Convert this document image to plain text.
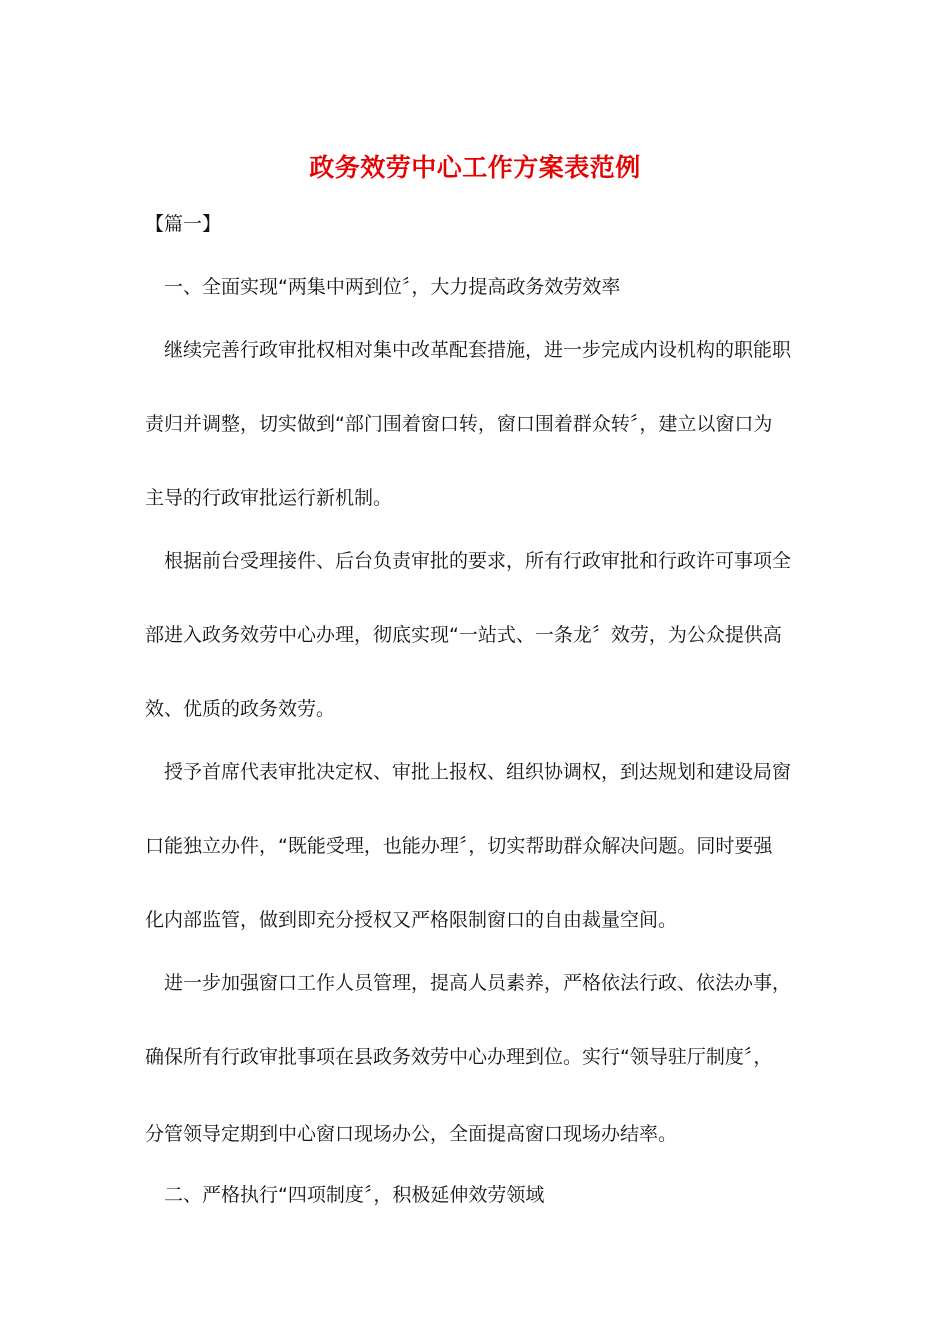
政务效劳中心工作方案表范例
【篇一】
一、全面实现“两集中两到位〞，大力提高政务效劳效率
继续完善行政审批权相对集中改革配套措施，进一步完成内设机构的职能职
责归并调整，切实做到“部门围着窗口转，窗口围着群众转〞，建立以窗口为
主导的行政审批运行新机制。
根据前台受理接件、后台负责审批的要求，所有行政审批和行政许可事项全
部进入政务效劳中心办理，彻底实现“一站式、一条龙〞效劳，为公众提供高
效、优质的政务效劳。
授予首席代表审批决定权、审批上报权、组织协调权，到达规划和建设局窗
口能独立办件，“既能受理，也能办理〞，切实帮助群众解决问题。同时要强
化内部监管，做到即充分授权又严格限制窗口的自由裁量空间。
进一步加强窗口工作人员管理，提高人员素养，严格依法行政、依法办事，
确保所有行政审批事项在县政务效劳中心办理到位。实行“领导驻厅制度〞，
分管领导定期到中心窗口现场办公，全面提高窗口现场办结率。
二、严格执行“四项制度〞，积极延伸效劳领域
